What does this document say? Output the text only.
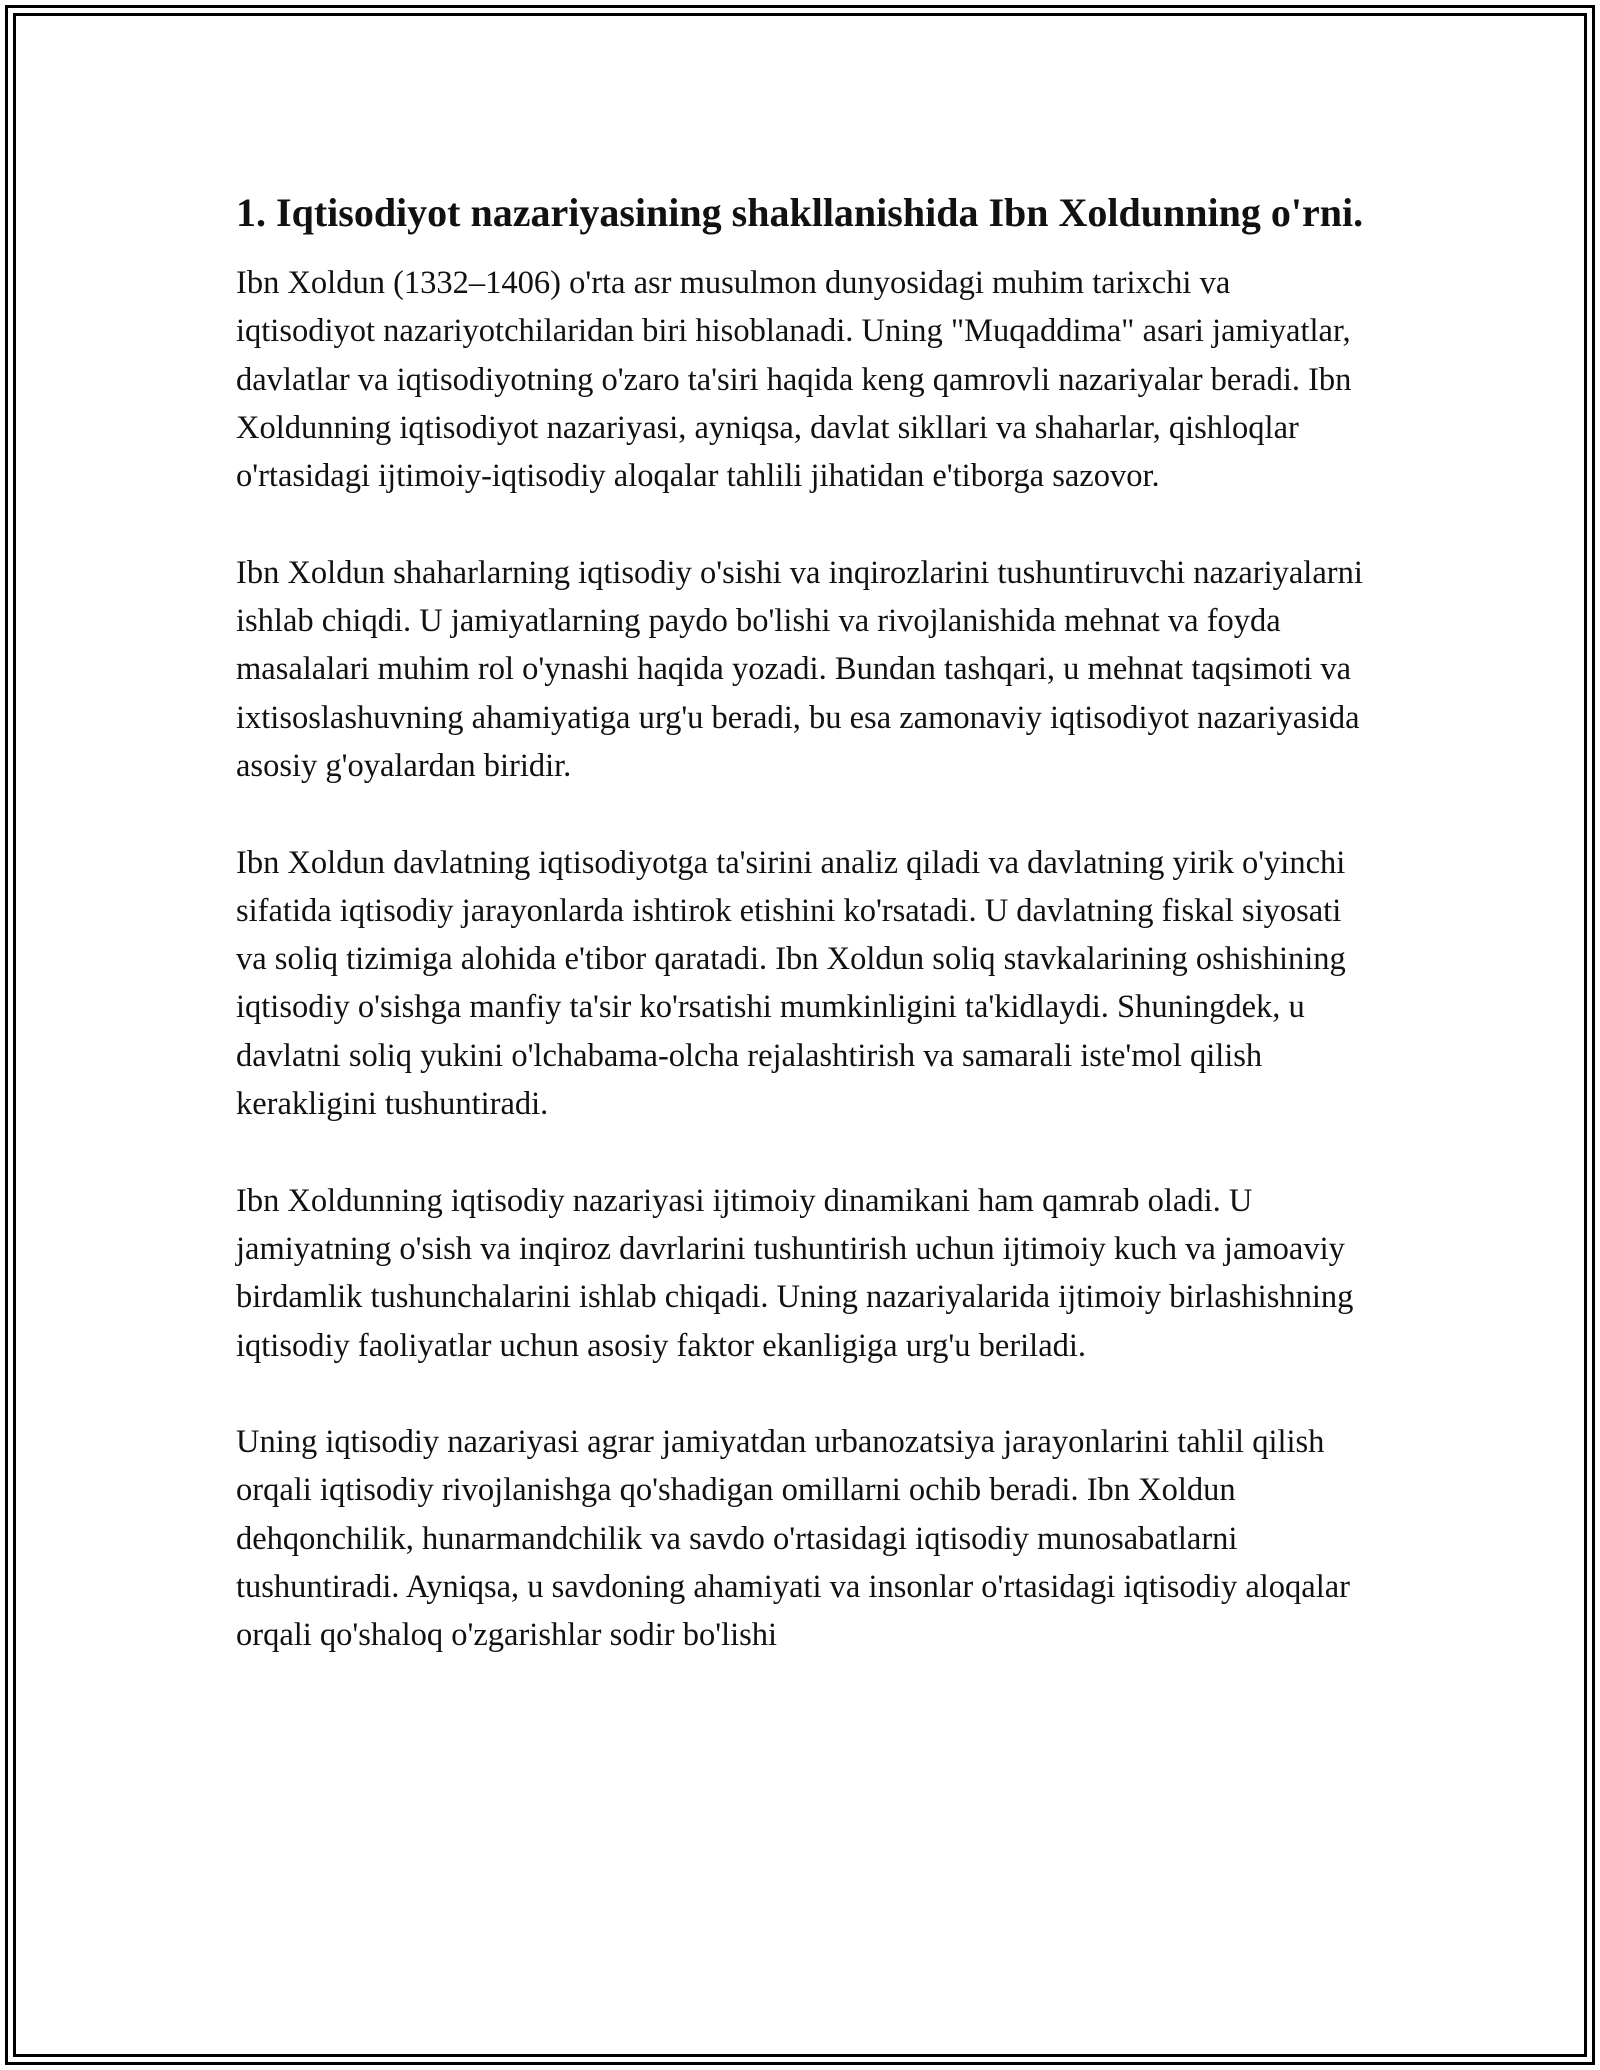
1. Iqtisodiyot nazariyasining shakllanishida Ibn Xoldunning o'rni.

Ibn Xoldun (1332–1406) o'rta asr musulmon dunyosidagi muhim tarixchi va iqtisodiyot nazariyotchilaridan biri hisoblanadi. Uning "Muqaddima" asari jamiyatlar, davlatlar va iqtisodiyotning o'zaro ta'siri haqida keng qamrovli nazariyalar beradi. Ibn Xoldunning iqtisodiyot nazariyasi, ayniqsa, davlat sikllari va shaharlar, qishloqlar o'rtasidagi ijtimoiy-iqtisodiy aloqalar tahlili jihatidan e'tiborga sazovor.

Ibn Xoldun shaharlarning iqtisodiy o'sishi va inqirozlarini tushuntiruvchi nazariyalarni ishlab chiqdi. U jamiyatlarning paydo bo'lishi va rivojlanishida mehnat va foyda masalalari muhim rol o'ynashi haqida yozadi. Bundan tashqari, u mehnat taqsimoti va ixtisoslashuvning ahamiyatiga urg'u beradi, bu esa zamonaviy iqtisodiyot nazariyasida asosiy g'oyalardan biridir.

Ibn Xoldun davlatning iqtisodiyotga ta'sirini analiz qiladi va davlatning yirik o'yinchi sifatida iqtisodiy jarayonlarda ishtirok etishini ko'rsatadi. U davlatning fiskal siyosati va soliq tizimiga alohida e'tibor qaratadi. Ibn Xoldun soliq stavkalarining oshishining iqtisodiy o'sishga manfiy ta'sir ko'rsatishi mumkinligini ta'kidlaydi. Shuningdek, u davlatni soliq yukini o'lchabama-olcha rejalashtirish va samarali iste'mol qilish kerakligini tushuntiradi.

Ibn Xoldunning iqtisodiy nazariyasi ijtimoiy dinamikani ham qamrab oladi. U jamiyatning o'sish va inqiroz davrlarini tushuntirish uchun ijtimoiy kuch va jamoaviy birdamlik tushunchalarini ishlab chiqadi. Uning nazariyalarida ijtimoiy birlashishning iqtisodiy faoliyatlar uchun asosiy faktor ekanligiga urg'u beriladi.

Uning iqtisodiy nazariyasi agrar jamiyatdan urbanozatsiya jarayonlarini tahlil qilish orqali iqtisodiy rivojlanishga qo'shadigan omillarni ochib beradi. Ibn Xoldun dehqonchilik, hunarmandchilik va savdo o'rtasidagi iqtisodiy munosabatlarni tushuntiradi. Ayniqsa, u savdoning ahamiyati va insonlar o'rtasidagi iqtisodiy aloqalar orqali qo'shaloq o'zgarishlar sodir bo'lishi
